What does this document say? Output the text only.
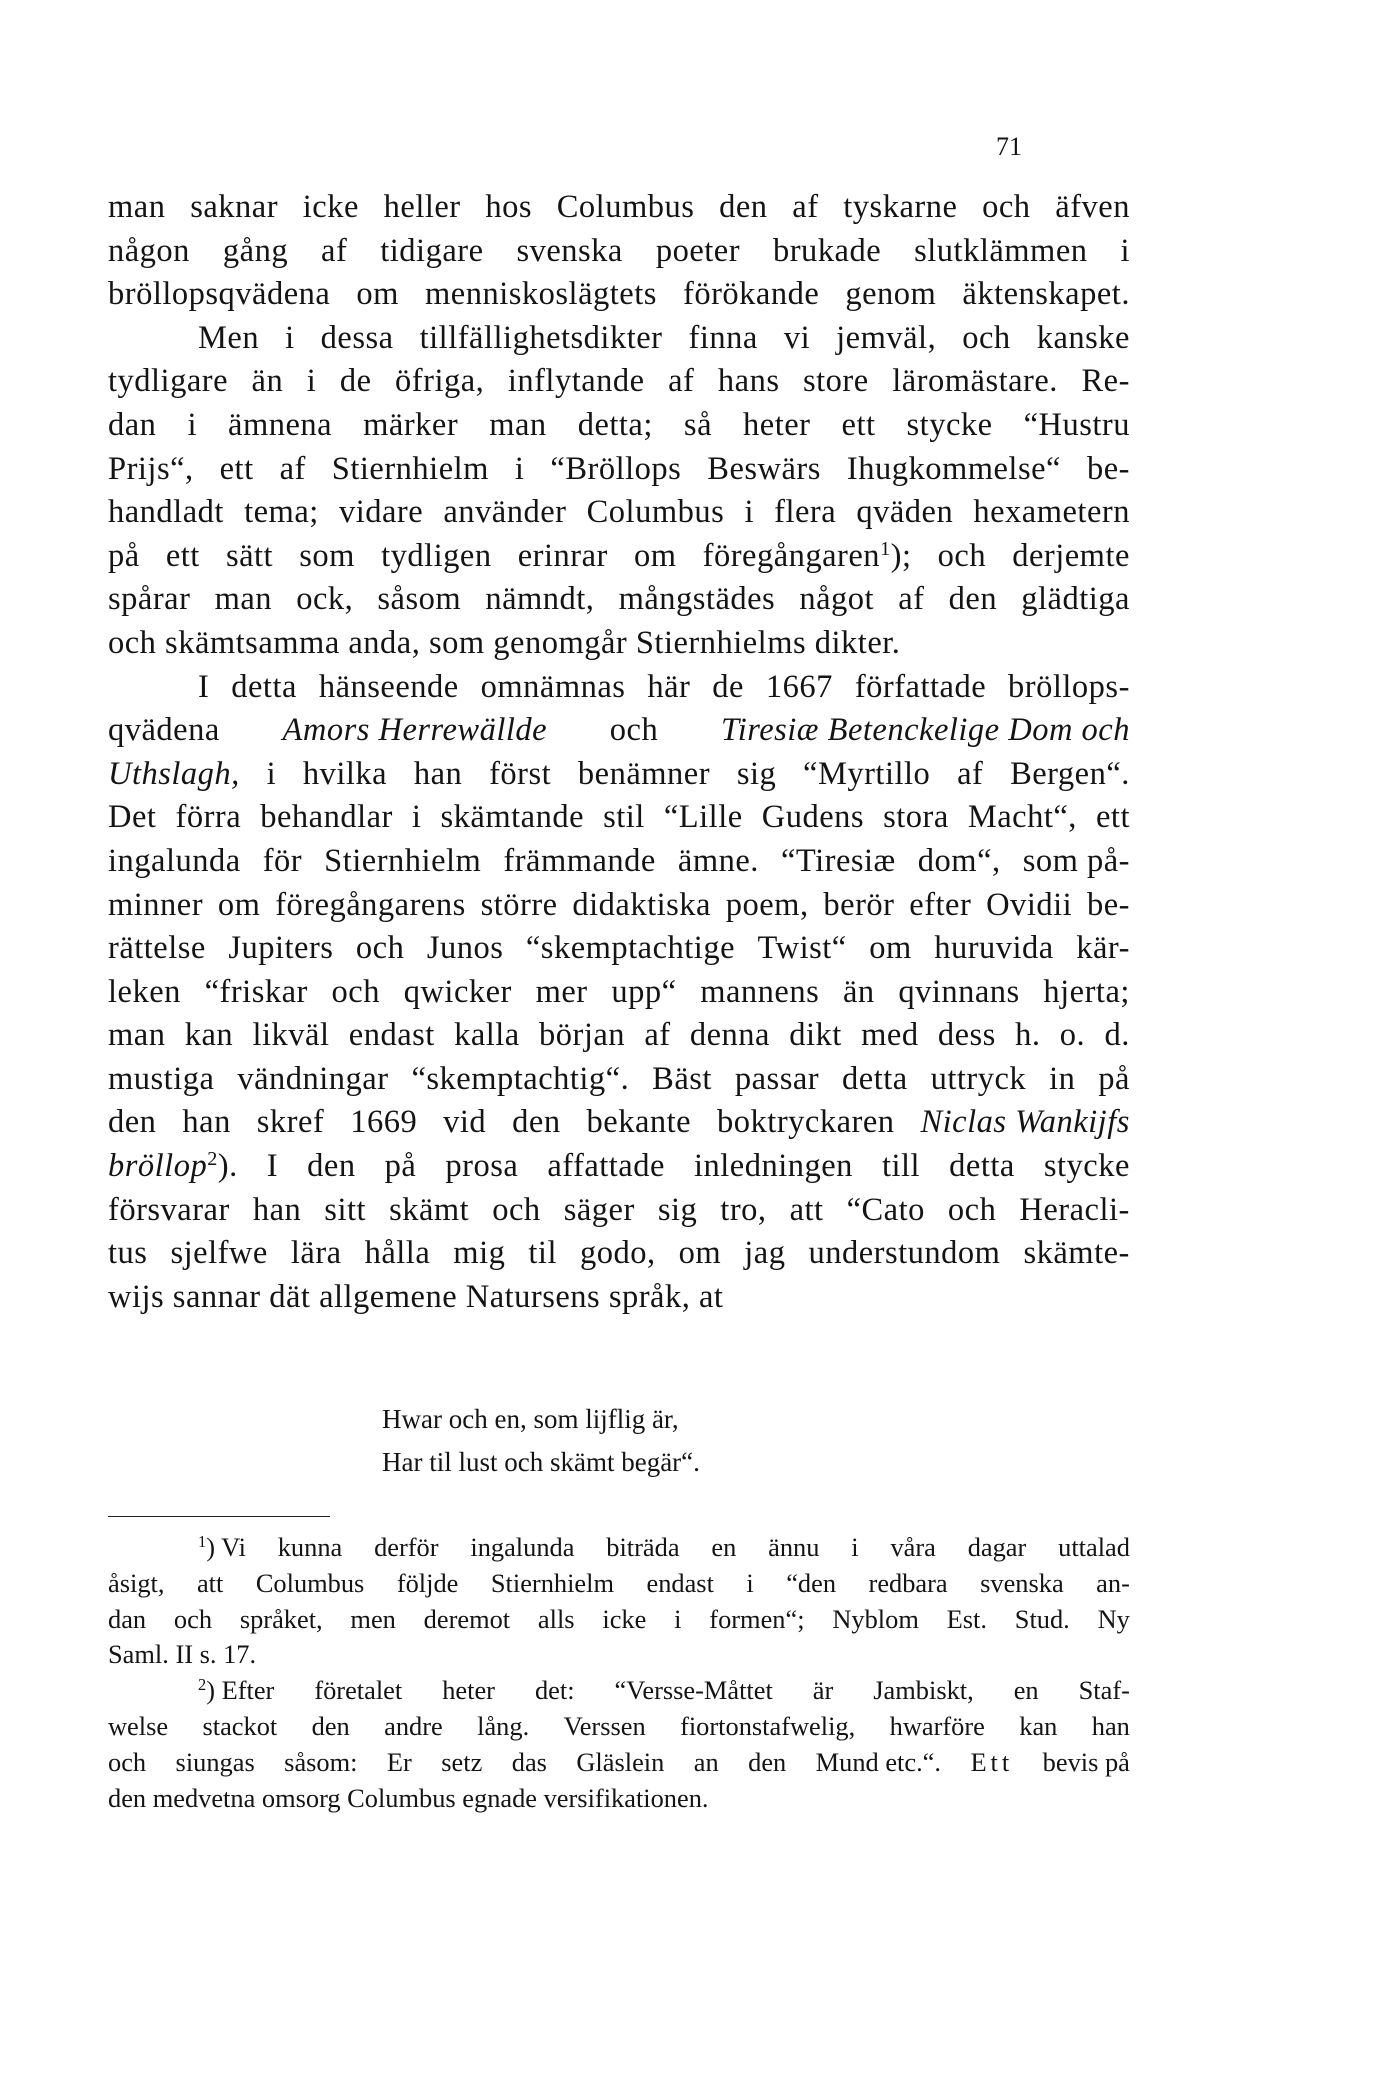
71
man saknar icke heller hos Columbus den af tyskarne och äfven
någon gång af tidigare svenska poeter brukade slutklämmen i
bröllopsqvädena om menniskoslägtets förökande genom äktenskapet.
Men i dessa tillfällighetsdikter finna vi jemväl, och kanske
tydligare än i de öfriga, inflytande af hans store läromästare. Re-
dan i ämnena märker man detta; så heter ett stycke “Hustru
Prijs“, ett af Stiernhielm i “Bröllops Beswärs Ihugkommelse“ be-
handladt tema; vidare använder Columbus i flera qväden hexametern
på ett sätt som tydligen erinrar om föregångaren$^1$); och derjemte
spårar man ock, såsom nämndt, mångstädes något af den glädtiga
och skämtsamma anda, som genomgår Stiernhielms dikter.
I detta hänseende omnämnas här de 1667 författade bröllops-
qvädena Amors Herrewällde och Tiresiæ Betenckelige Dom och
Uthslagh, i hvilka han först benämner sig “Myrtillo af Bergen“.
Det förra behandlar i skämtande stil “Lille Gudens stora Macht“, ett
ingalunda för Stiernhielm främmande ämne. “Tiresiæ dom“, som på-
minner om föregångarens större didaktiska poem, berör efter Ovidii be-
rättelse Jupiters och Junos “skemptachtige Twist“ om huruvida kär-
leken “friskar och qwicker mer upp“ mannens än qvinnans hjerta;
man kan likväl endast kalla början af denna dikt med dess h. o. d.
mustiga vändningar “skemptachtig“. Bäst passar detta uttryck in på
den han skref 1669 vid den bekante boktryckaren Niclas Wankijfs
bröllop$^2$). I den på prosa affattade inledningen till detta stycke
försvarar han sitt skämt och säger sig tro, att “Cato och Heracli-
tus sjelfwe lära hålla mig til godo, om jag understundom skämte-
wijs sannar dät allgemene Natursens språk, at
Hwar och en, som lijflig är,
Har til lust och skämt begär“.
$^1$) Vi kunna derför ingalunda biträda en ännu i våra dagar uttalad
åsigt, att Columbus följde Stiernhielm endast i “den redbara svenska an-
dan och språket, men deremot alls icke i formen“; Nyblom Est. Stud. Ny
Saml. II s. 17.
$^2$) Efter företalet heter det: “Versse-Måttet är Jambiskt, en Staf-
welse stackot den andre lång. Verssen fiortonstafwelig, hwarföre kan han
och siungas såsom: Er setz das Gläslein an den Mund etc.“. Ett bevis på
den medvetna omsorg Columbus egnade versifikationen.
